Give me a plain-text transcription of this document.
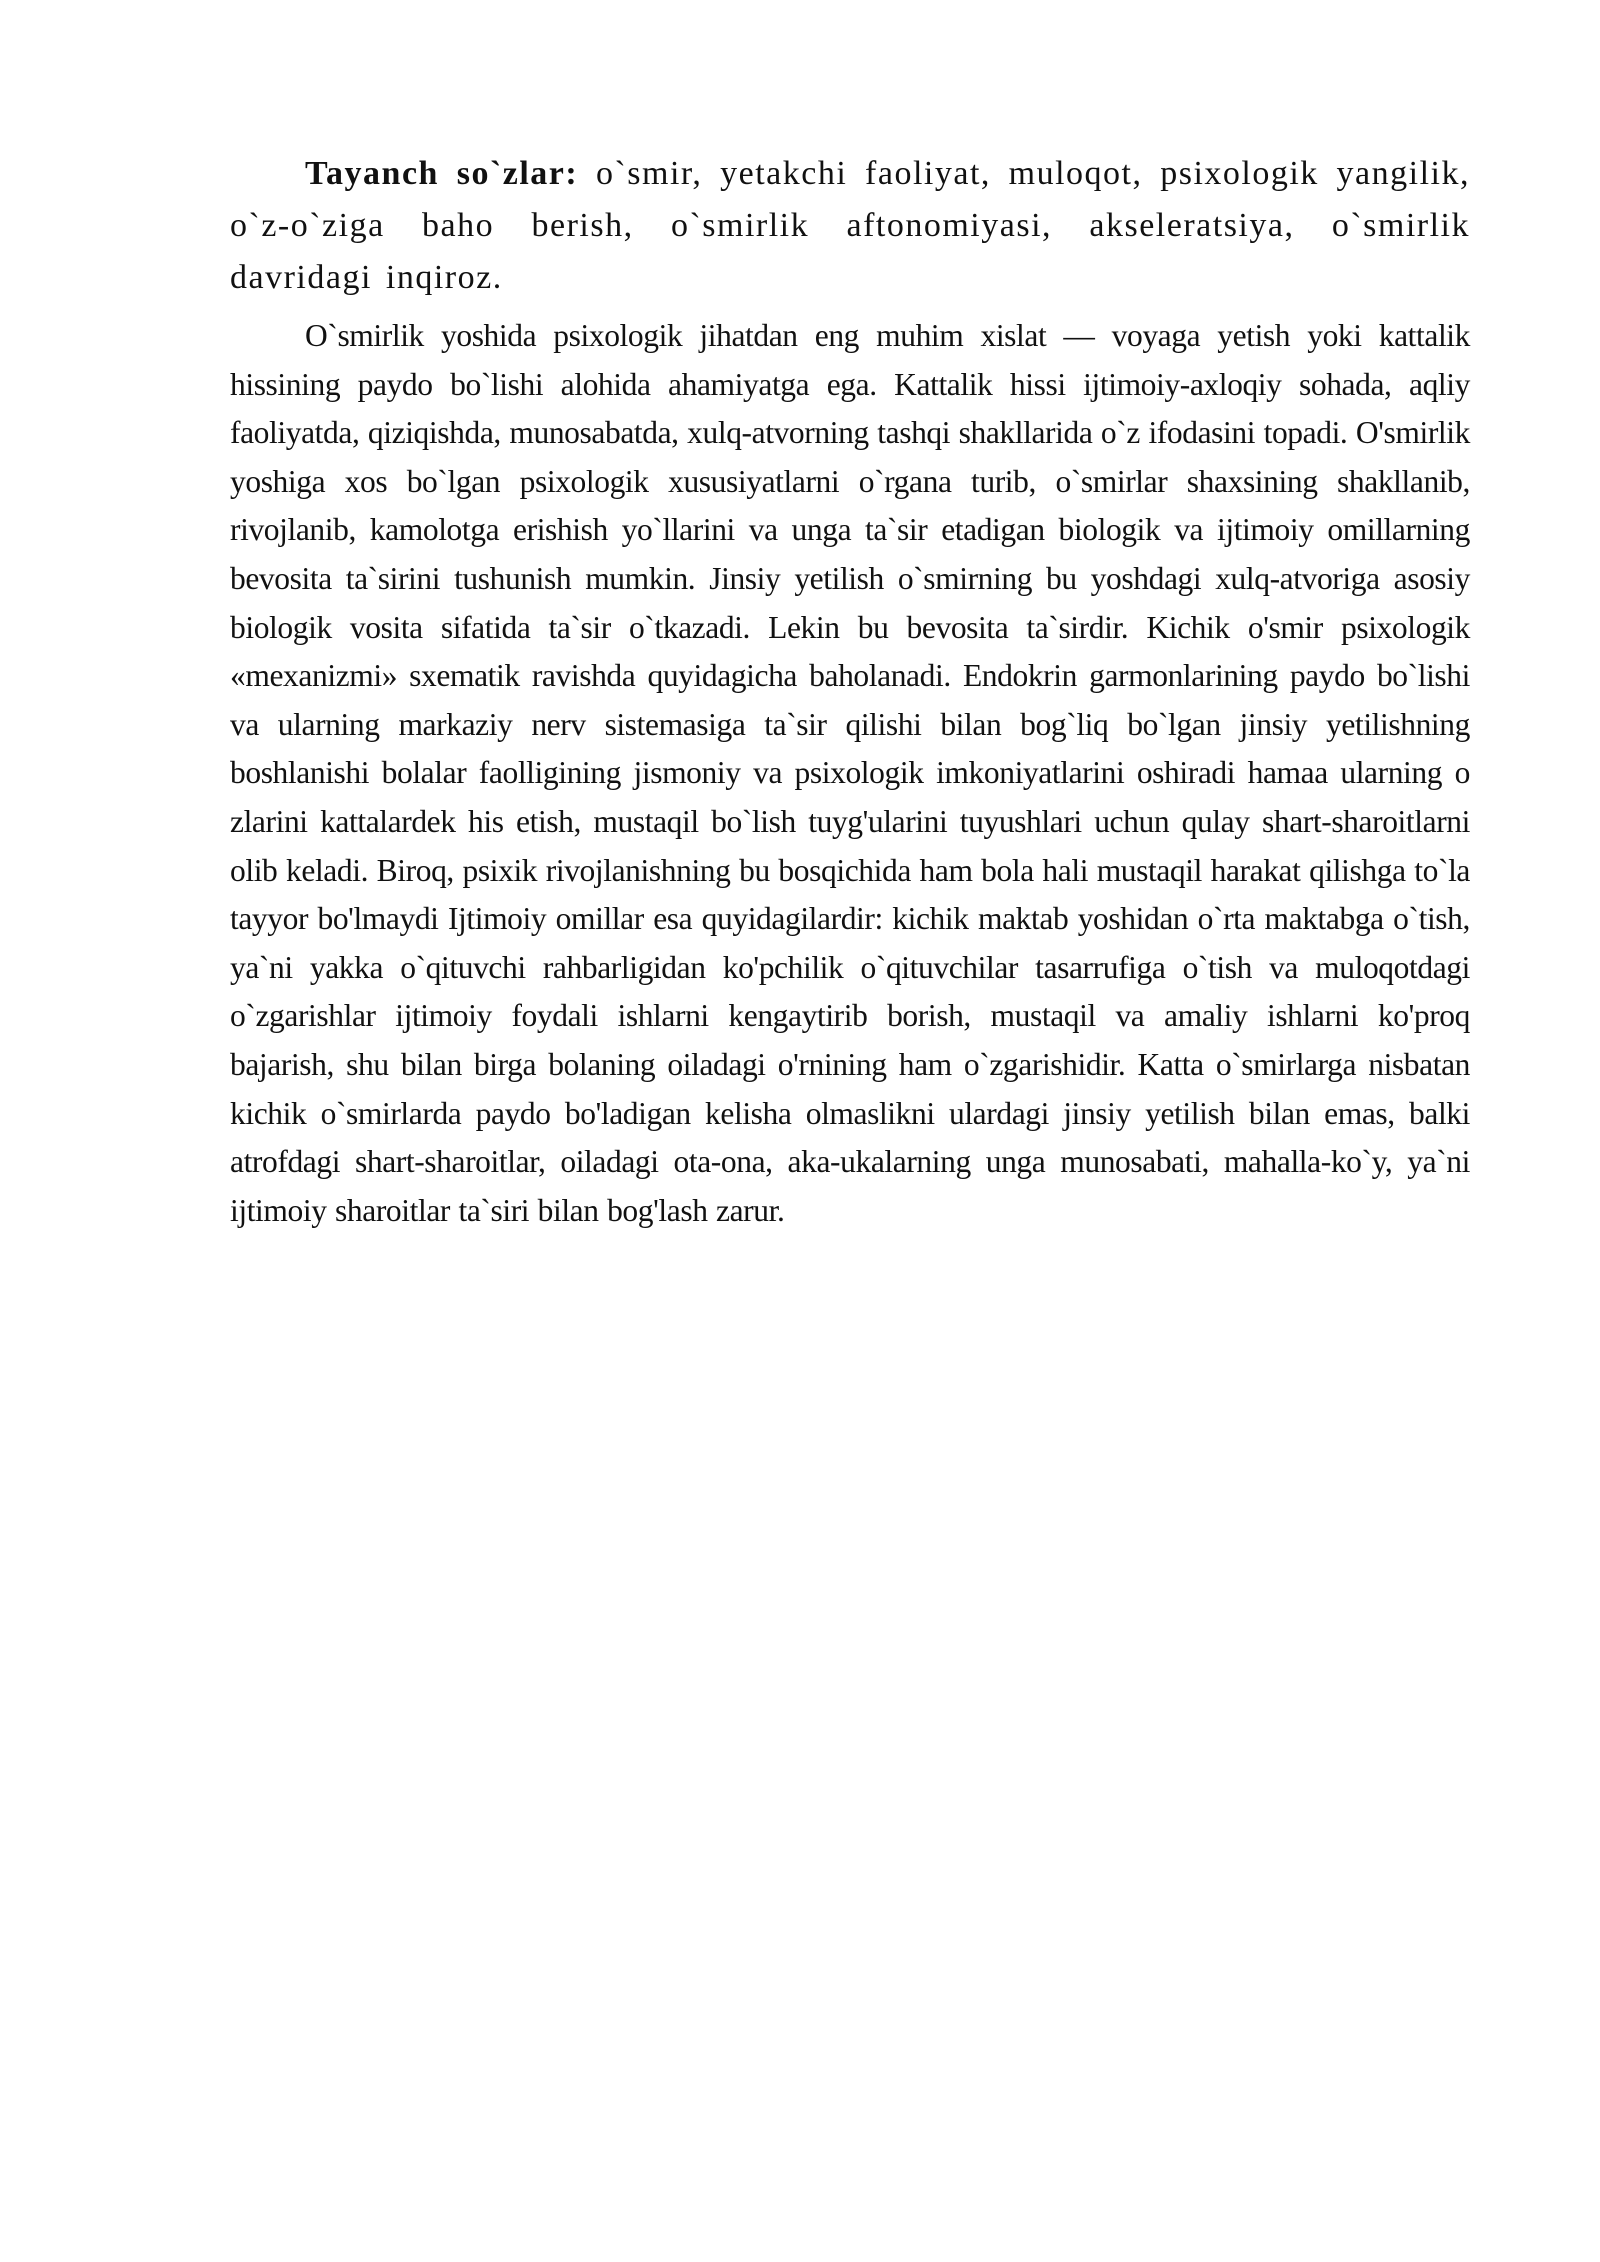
Tayanch so`zlar: o`smir, yetakchi faoliyat, muloqot, psixologik yangilik, o`z-o`ziga baho berish, o`smirlik aftonomiyasi, akseleratsiya, o`smirlik davridagi inqiroz.

O`smirlik yoshida psixologik jihatdan eng muhim xislat — voyaga yetish yoki kattalik hissining paydo bo`lishi alohida ahamiyatga ega. Kattalik hissi ijtimoiy-axloqiy sohada, aqliy faoliyatda, qiziqishda, munosabatda, xulq-atvorning tashqi shakllarida o`z ifodasini topadi. O'smirlik yoshiga xos bo`lgan psixologik xususiyatlarni o`rgana turib, o`smirlar shaxsining shakllanib, rivojlanib, kamolotga erishish yo`llarini va unga ta`sir etadigan biologik va ijtimoiy omillarning bevosita ta`sirini tushunish mumkin. Jinsiy yetilish o`smirning bu yoshdagi xulq-atvoriga asosiy biologik vosita sifatida ta`sir o`tkazadi. Lekin bu bevosita ta`sirdir. Kichik o'smir psixologik «mexanizmi» sxematik ravishda quyidagicha baholanadi. Endokrin garmonlarining paydo bo`lishi va ularning markaziy nerv sistemasiga ta`sir qilishi bilan bog`liq bo`lgan jinsiy yetilishning boshlanishi bolalar faolligining jismoniy va psixologik imkoniyatlarini oshiradi hamaa ularning o zlarini kattalardek his etish, mustaqil bo`lish tuyg'ularini tuyushlari uchun qulay shart-sharoitlarni olib keladi. Biroq, psixik rivojlanishning bu bosqichida ham bola hali mustaqil harakat qilishga to`la tayyor bo'lmaydi Ijtimoiy omillar esa quyidagilardir: kichik maktab yoshidan o`rta maktabga o`tish, ya`ni yakka o`qituvchi rahbarligidan ko'pchilik o`qituvchilar tasarrufiga o`tish va muloqotdagi o`zgarishlar ijtimoiy foydali ishlarni kengaytirib borish, mustaqil va amaliy ishlarni ko'proq bajarish, shu bilan birga bolaning oiladagi o'rnining ham o`zgarishidir. Katta o`smirlarga nisbatan kichik o`smirlarda paydo bo'ladigan kelisha olmaslikni ulardagi jinsiy yetilish bilan emas, balki atrofdagi shart-sharoitlar, oiladagi ota-ona, aka-ukalarning unga munosabati, mahalla-ko`y, ya`ni ijtimoiy sharoitlar ta`siri bilan bog'lash zarur.
